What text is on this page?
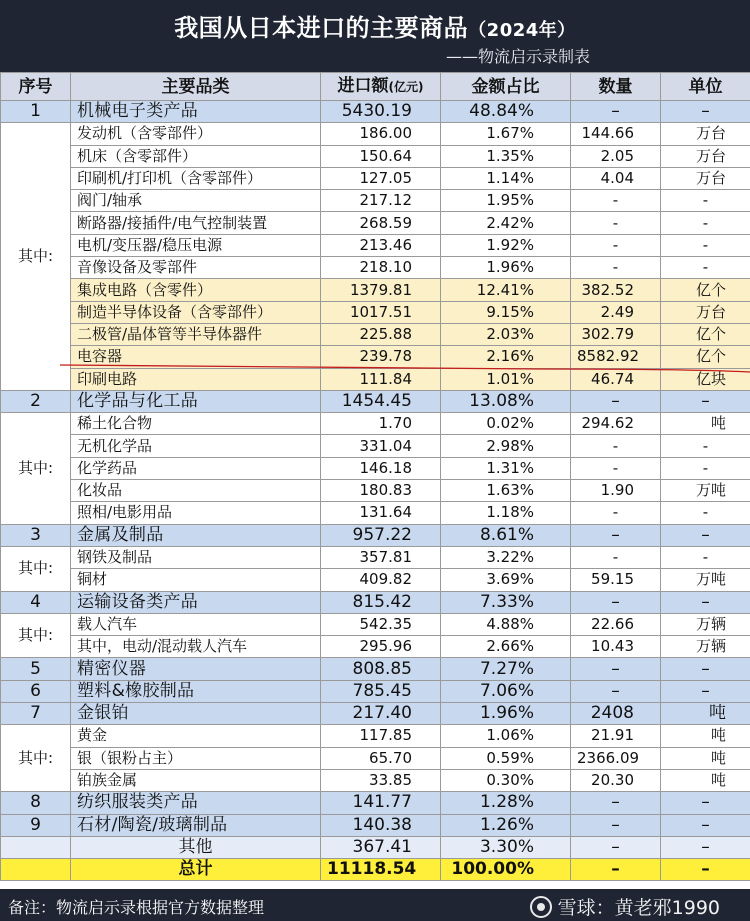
我国从日本进口的主要商品（2024年）
——物流启示录制表
序号	主要品类	进口额(亿元)	金额占比	数量	单位
1	机械电子类产品	5430.19	48.84%	–	–
其中:	发动机（含零部件）	186.00	1.67%	144.66	万台
	机床（含零部件）	150.64	1.35%	2.05	万台
	印刷机/打印机（含零部件）	127.05	1.14%	4.04	万台
	阀门/轴承	217.12	1.95%	-	-
	断路器/接插件/电气控制装置	268.59	2.42%	-	-
	电机/变压器/稳压电源	213.46	1.92%	-	-
	音像设备及零部件	218.10	1.96%	-	-
	集成电路（含零件）	1379.81	12.41%	382.52	亿个
	制造半导体设备（含零部件）	1017.51	9.15%	2.49	万台
	二极管/晶体管等半导体器件	225.88	2.03%	302.79	亿个
	电容器	239.78	2.16%	8582.92	亿个
	印刷电路	111.84	1.01%	46.74	亿块
2	化学品与化工品	1454.45	13.08%	–	–
其中:	稀土化合物	1.70	0.02%	294.62	吨
	无机化学品	331.04	2.98%	-	-
	化学药品	146.18	1.31%	-	-
	化妆品	180.83	1.63%	1.90	万吨
	照相/电影用品	131.64	1.18%	-	-
3	金属及制品	957.22	8.61%	–	–
其中:	钢铁及制品	357.81	3.22%	-	-
	铜材	409.82	3.69%	59.15	万吨
4	运输设备类产品	815.42	7.33%	–	–
其中:	载人汽车	542.35	4.88%	22.66	万辆
	其中，电动/混动载人汽车	295.96	2.66%	10.43	万辆
5	精密仪器	808.85	7.27%	–	–
6	塑料&橡胶制品	785.45	7.06%	–	–
7	金银铂	217.40	1.96%	2408	吨
其中:	黄金	117.85	1.06%	21.91	吨
	银（银粉占主）	65.70	0.59%	2366.09	吨
	铂族金属	33.85	0.30%	20.30	吨
8	纺织服装类产品	141.77	1.28%	–	–
9	石材/陶瓷/玻璃制品	140.38	1.26%	–	–
	其他	367.41	3.30%	–	–
	总计	11118.54	100.00%	–	–
备注：物流启示录根据官方数据整理	雪球：黄老邪1990
